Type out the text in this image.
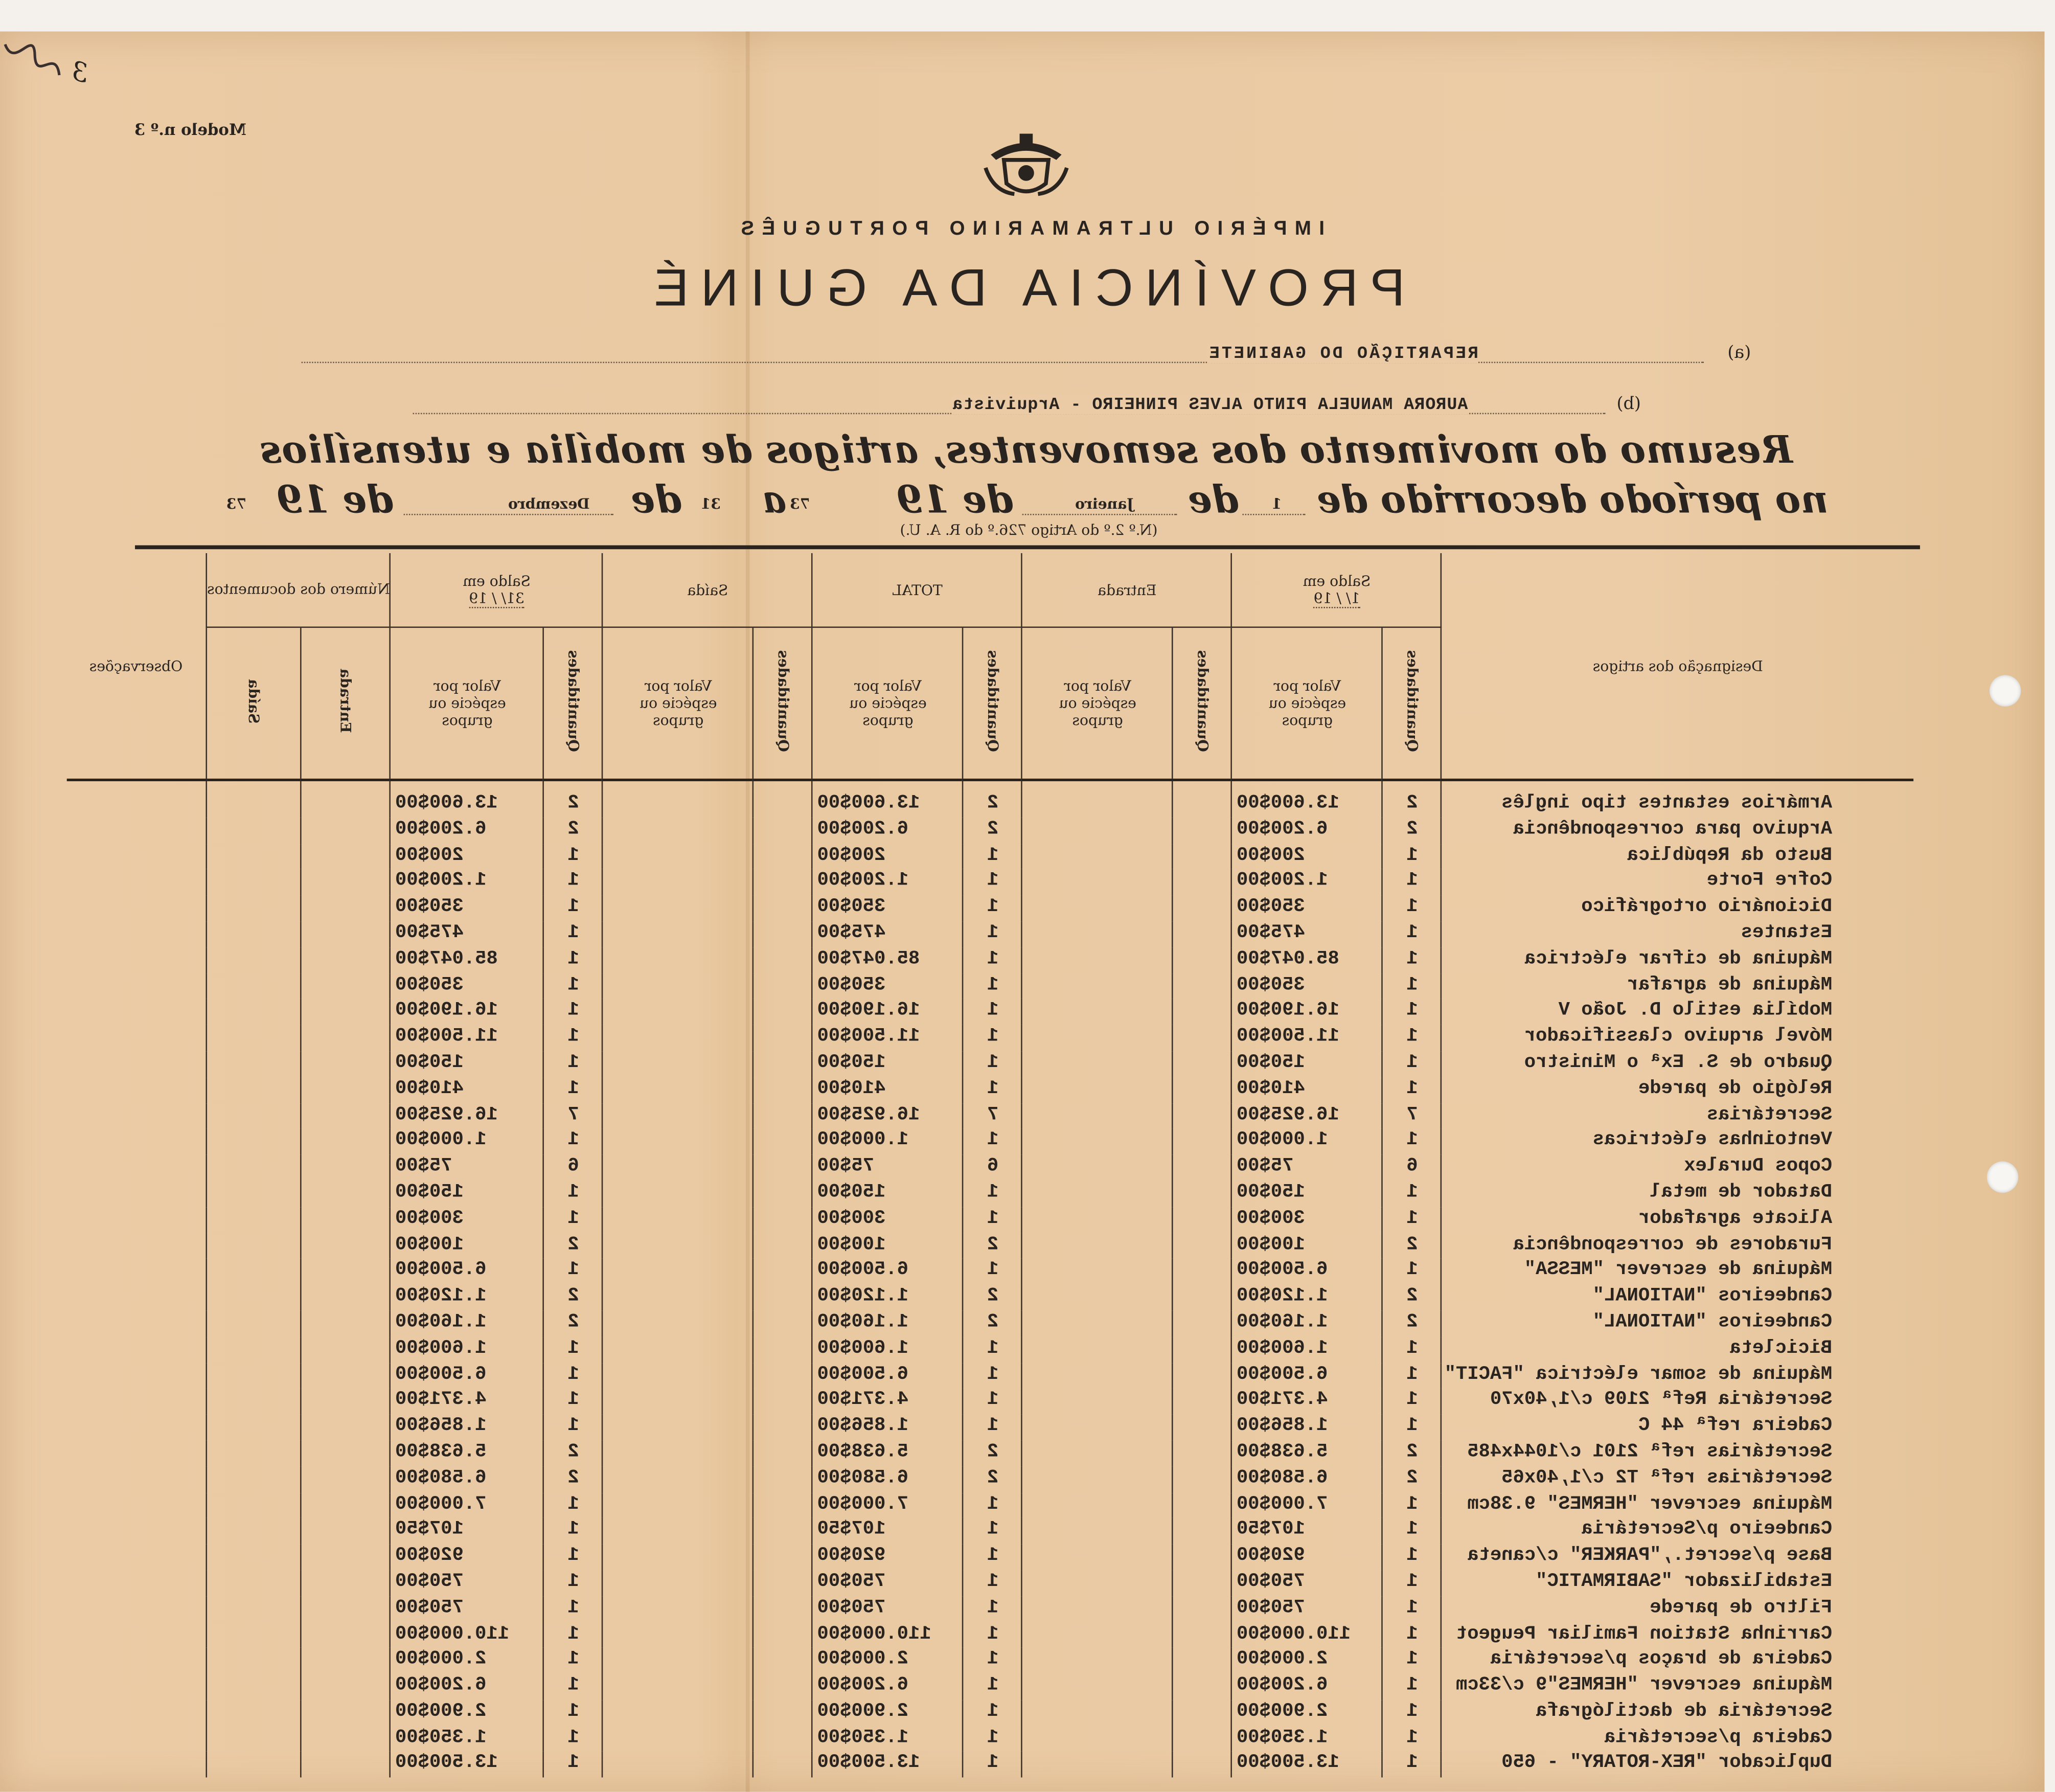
3
Modelo n.º 3
IMPÉRIO ULTRAMARINO PORTUGUÊS
PROVÍNCIA DA GUINÉ
(a)
REPARTIÇÃO DO GABINETE
(b)
AURORA MANUELA PINTO ALVES PINHEIRO - Arquivista
Resumo do movimento dos semoventes, artigos de mobília e utensílios
no período decorrido de
1
de
Janeiro
de 19
73
a
31
de
Dezembro
de 19
73
(N.º 2.º do Artigo 726.º do R. A. U.)
Designação dos artigos	Saldo em
1/ / 19		Entrada		TOTAL		Saída		Saldo em
31/ / 19		Número dos documentos		Observações
	Quantidades	Valor por espécie ou grupos	Quantidades	Valor por espécie ou grupos	Quantidades	Valor por espécie ou grupos	Quantidades	Valor por espécie ou grupos	Quantidades	Valor por espécie ou grupos	Entrada	Saída	

Armários estantes tipo inglês	2	13.600$00			2	13.600$00			2	13.600$00			
Arquivo para correspondência	2	6.200$00			2	6.200$00			2	6.200$00			
Busto da República	1	200$00			1	200$00			1	200$00			
Cofre Forte	1	1.200$00			1	1.200$00			1	1.200$00			
Dicionário ortográfico	1	350$00			1	350$00			1	350$00			
Estantes	1	475$00			1	475$00			1	475$00			
Máquina de cifrar eléctrica	1	85.047$00			1	85.047$00			1	85.047$00			
Máquina de agrafar	1	350$00			1	350$00			1	350$00			
Mobília estilo D. João V	1	16.190$00			1	16.190$00			1	16.190$00			
Móvel arquivo classificador	1	11.500$00			1	11.500$00			1	11.500$00			
Quadro de S. Exª o Ministro	1	150$00			1	150$00			1	150$00			
Relógio de parede	1	410$00			1	410$00			1	410$00			
Secretárias	7	16.925$00			7	16.925$00			7	16.925$00			
Ventoinhas eléctricas	1	1.000$00			1	1.000$00			1	1.000$00			
Copos Duralex	6	75$00			6	75$00			6	75$00			
Datador de metal	1	150$00			1	150$00			1	150$00			
Alicate agrafador	1	300$00			1	300$00			1	300$00			
Furadores de correspondência	2	100$00			2	100$00			2	100$00			
Máquina de escrever "MESSA"	1	6.500$00			1	6.500$00			1	6.500$00			
Candeeiros "NATIONAL"	2	1.120$00			2	1.120$00			2	1.120$00			
Candeeiros "NATIONAL"	2	1.160$00			2	1.160$00			2	1.160$00			
Bicicleta	1	1.600$00			1	1.600$00			1	1.600$00			
Máquina de somar eléctrica "FACIT"	1	6.500$00			1	6.500$00			1	6.500$00			
Secretária Refª 2109 c/1,40x70	1	4.371$00			1	4.371$00			1	4.371$00			
Cadeira refª 44 C	1	1.856$00			1	1.856$00			1	1.856$00			
Secretárias refª 2101 c/1044x485	2	5.638$00			2	5.638$00			2	5.638$00			
Secretárias refª T2 c/1,40x65	2	6.580$00			2	6.580$00			2	6.580$00			
Máquina escrever "HERMES" 9.38cm	1	7.000$00			1	7.000$00			1	7.000$00			
Candeeiro p/Secretária	1	107$50			1	107$50			1	107$50			
Base p/secret.,"PARKER" c/caneta	1	920$00			1	920$00			1	920$00			
Estabilizador "SABIRMATIC"	1	750$00			1	750$00			1	750$00			
Filtro de parede	1	750$00			1	750$00			1	750$00			
Carrinha Station Familiar Peugeot	1	110.000$00			1	110.000$00			1	110.000$00			
Cadeira de braços p/secretária	1	2.000$00			1	2.000$00			1	2.000$00			
Máquina escrever "HERMES"9 c/33cm	1	6.200$00			1	6.200$00			1	6.200$00			
Secretária de dactilógrafa	1	2.900$00			1	2.900$00			1	2.900$00			
Cadeira p/secretária	1	1.350$00			1	1.350$00			1	1.350$00			
Duplicador "REX-ROTARY" - 650	1	13.500$00			1	13.500$00			1	13.500$00			
